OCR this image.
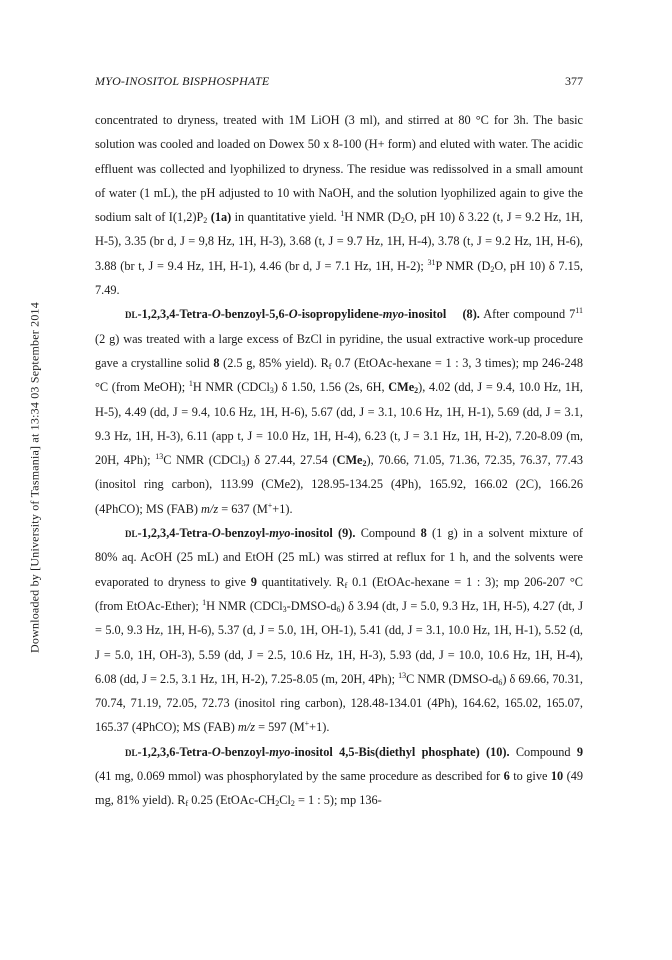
Downloaded by [University of Tasmania] at 13:34 03 September 2014
MYO-INOSITOL BISPHOSPHATE	377

concentrated to dryness, treated with 1M LiOH (3 ml), and stirred at 80 °C for 3h. The basic solution was cooled and loaded on Dowex 50 x 8-100 (H+ form) and eluted with water. The acidic effluent was collected and lyophilized to dryness. The residue was redissolved in a small amount of water (1 mL), the pH adjusted to 10 with NaOH, and the solution lyophilized again to give the sodium salt of $I(1,2)P_2$ (1a) in quantitative yield. $^1$H NMR ($D_2O$, pH 10) δ 3.22 (t, J = 9.2 Hz, 1H, H-5), 3.35 (br d, J = 9,8 Hz, 1H, H-3), 3.68 (t, J = 9.7 Hz, 1H, H-4), 3.78 (t, J = 9.2 Hz, 1H, H-6), 3.88 (br t, J = 9.4 Hz, 1H, H-1), 4.46 (br d, J = 7.1 Hz, 1H, H-2); $^{31}$P NMR ($D_2O$, pH 10) δ 7.15, 7.49.

dl-1,2,3,4-Tetra-O-benzoyl-5,6-O-isopropylidene-myo-inositol (8). After compound $7^{11}$ (2 g) was treated with a large excess of BzCl in pyridine, the usual extractive work-up procedure gave a crystalline solid 8 (2.5 g, 85% yield). $R_f$ 0.7 (EtOAc-hexane = 1 : 3, 3 times); mp 246-248 °C (from MeOH); $^1$H NMR (CDCl$_3$) δ 1.50, 1.56 (2s, 6H, CMe$_2$), 4.02 (dd, J = 9.4, 10.0 Hz, 1H, H-5), 4.49 (dd, J = 9.4, 10.6 Hz, 1H, H-6), 5.67 (dd, J = 3.1, 10.6 Hz, 1H, H-1), 5.69 (dd, J = 3.1, 9.3 Hz, 1H, H-3), 6.11 (app t, J = 10.0 Hz, 1H, H-4), 6.23 (t, J = 3.1 Hz, 1H, H-2), 7.20-8.09 (m, 20H, 4Ph); $^{13}$C NMR (CDCl$_3$) δ 27.44, 27.54 (CMe$_2$), 70.66, 71.05, 71.36, 72.35, 76.37, 77.43 (inositol ring carbon), 113.99 (CMe2), 128.95-134.25 (4Ph), 165.92, 166.02 (2C), 166.26 (4PhCO); MS (FAB) m/z = 637 (M++1).

dl-1,2,3,4-Tetra-O-benzoyl-myo-inositol (9). Compound 8 (1 g) in a solvent mixture of 80% aq. AcOH (25 mL) and EtOH (25 mL) was stirred at reflux for 1 h, and the solvents were evaporated to dryness to give 9 quantitatively. $R_f$ 0.1 (EtOAc-hexane = 1 : 3); mp 206-207 °C (from EtOAc-Ether); $^1$H NMR $(CDCl_3-DMSO-d_6)$ δ 3.94 (dt, J = 5.0, 9.3 Hz, 1H, H-5), 4.27 (dt, J = 5.0, 9.3 Hz, 1H, H-6), 5.37 (d, J = 5.0, 1H, OH-1), 5.41 (dd, J = 3.1, 10.0 Hz, 1H, H-1), 5.52 (d, J = 5.0, 1H, OH-3), 5.59 (dd, J = 2.5, 10.6 Hz, 1H, H-3), 5.93 (dd, J = 10.0, 10.6 Hz, 1H, H-4), 6.08 (dd, J = 2.5, 3.1 Hz, 1H, H-2), 7.25-8.05 (m, 20H, 4Ph); $^{13}$C NMR $(DMSO-d_6)$ δ 69.66, 70.31, 70.74, 71.19, 72.05, 72.73 (inositol ring carbon), 128.48-134.01 (4Ph), 164.62, 165.02, 165.07, 165.37 (4PhCO); MS (FAB) m/z = 597 (M++1).

dl-1,2,3,6-Tetra-O-benzoyl-myo-inositol 4,5-Bis(diethyl phosphate) (10). Compound 9 (41 mg, 0.069 mmol) was phosphorylated by the same procedure as described for 6 to give 10 (49 mg, 81% yield). $R_f$ 0.25 ($EtOAc-CH_2Cl_2 = 1$ : 5); mp 136-
